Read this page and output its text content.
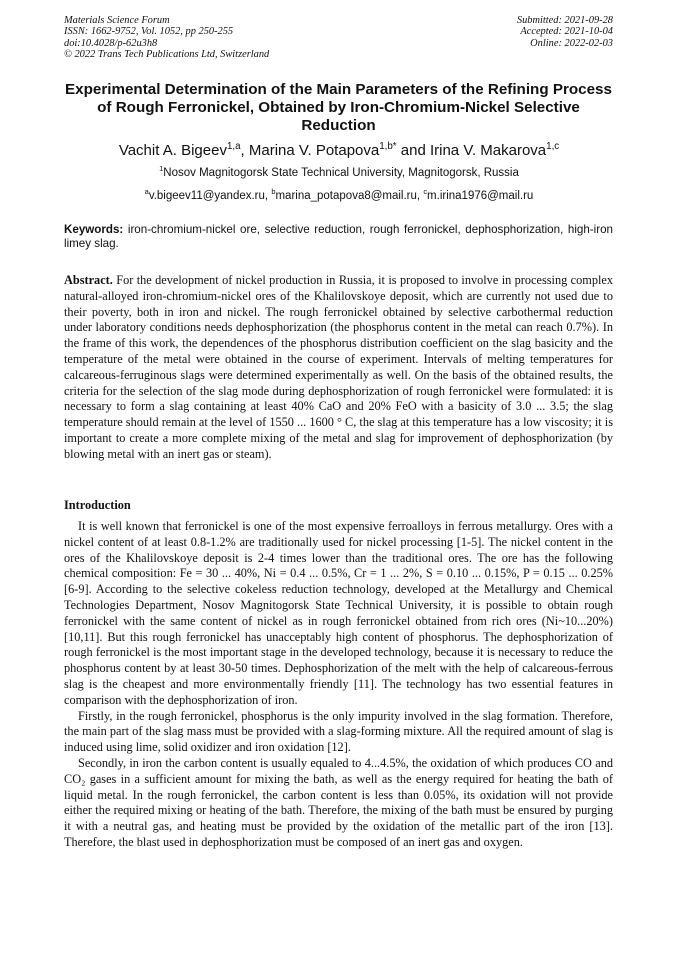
Materials Science Forum
ISSN: 1662-9752, Vol. 1052, pp 250-255
doi:10.4028/p-62u3h8
© 2022 Trans Tech Publications Ltd, Switzerland
Submitted: 2021-09-28
Accepted: 2021-10-04
Online: 2022-02-03
Experimental Determination of the Main Parameters of the Refining Process of Rough Ferronickel, Obtained by Iron-Chromium-Nickel Selective Reduction
Vachit A. Bigeev$^{1,a}$, Marina V. Potapova$^{1,b*}$ and Irina V. Makarova$^{1,c}$
$^1$Nosov Magnitogorsk State Technical University, Magnitogorsk, Russia
$^a$v.bigeev11@yandex.ru, $^b$marina_potapova8@mail.ru, $^c$m.irina1976@mail.ru
Keywords: iron-chromium-nickel ore, selective reduction, rough ferronickel, dephosphorization, high-iron limey slag.
Abstract. For the development of nickel production in Russia, it is proposed to involve in processing complex natural-alloyed iron-chromium-nickel ores of the Khalilovskoye deposit, which are currently not used due to their poverty, both in iron and nickel. The rough ferronickel obtained by selective carbothermal reduction under laboratory conditions needs dephosphorization (the phosphorus content in the metal can reach 0.7%). In the frame of this work, the dependences of the phosphorus distribution coefficient on the slag basicity and the temperature of the metal were obtained in the course of experiment. Intervals of melting temperatures for calcareous-ferruginous slags were determined experimentally as well. On the basis of the obtained results, the criteria for the selection of the slag mode during dephosphorization of rough ferronickel were formulated: it is necessary to form a slag containing at least 40% CaO and 20% FeO with a basicity of 3.0 ... 3.5; the slag temperature should remain at the level of 1550 ... 1600 ° C, the slag at this temperature has a low viscosity; it is important to create a more complete mixing of the metal and slag for improvement of dephosphorization (by blowing metal with an inert gas or steam).
Introduction

It is well known that ferronickel is one of the most expensive ferroalloys in ferrous metallurgy. Ores with a nickel content of at least 0.8-1.2% are traditionally used for nickel processing [1-5]. The nickel content in the ores of the Khalilovskoye deposit is 2-4 times lower than the traditional ores. The ore has the following chemical composition: Fe = 30 ... 40%, Ni = 0.4 ... 0.5%, Cr = 1 ... 2%, S = 0.10 ... 0.15%, P = 0.15 ... 0.25% [6-9]. According to the selective cokeless reduction technology, developed at the Metallurgy and Chemical Technologies Department, Nosov Magnitogorsk State Technical University, it is possible to obtain rough ferronickel with the same content of nickel as in rough ferronickel obtained from rich ores (Ni~10...20%) [10,11]. But this rough ferronickel has unacceptably high content of phosphorus. The dephosphorization of rough ferronickel is the most important stage in the developed technology, because it is necessary to reduce the phosphorus content by at least 30-50 times. Dephosphorization of the melt with the help of calcareous-ferrous slag is the cheapest and more environmentally friendly [11]. The technology has two essential features in comparison with the dephosphorization of iron.

Firstly, in the rough ferronickel, phosphorus is the only impurity involved in the slag formation. Therefore, the main part of the slag mass must be provided with a slag-forming mixture. All the required amount of slag is induced using lime, solid oxidizer and iron oxidation [12].

Secondly, in iron the carbon content is usually equaled to 4...4.5%, the oxidation of which produces CO and CO₂ gases in a sufficient amount for mixing the bath, as well as the energy required for heating the bath of liquid metal. In the rough ferronickel, the carbon content is less than 0.05%, its oxidation will not provide either the required mixing or heating of the bath. Therefore, the mixing of the bath must be ensured by purging it with a neutral gas, and heating must be provided by the oxidation of the metallic part of the iron [13]. Therefore, the blast used in dephosphorization must be composed of an inert gas and oxygen.
